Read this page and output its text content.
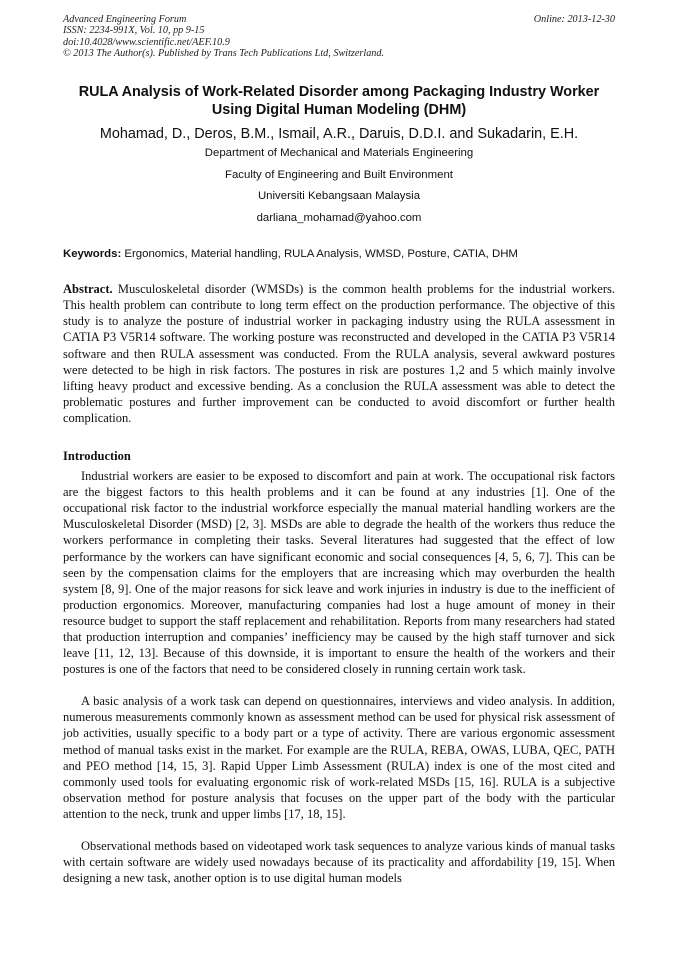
Advanced Engineering Forum
ISSN: 2234-991X, Vol. 10, pp 9-15
doi:10.4028/www.scientific.net/AEF.10.9
© 2013 The Author(s). Published by Trans Tech Publications Ltd, Switzerland.
Online: 2013-12-30
RULA Analysis of Work-Related Disorder among Packaging Industry Worker Using Digital Human Modeling (DHM)
Mohamad, D., Deros, B.M., Ismail, A.R., Daruis, D.D.I. and Sukadarin, E.H.
Department of Mechanical and Materials Engineering
Faculty of Engineering and Built Environment
Universiti Kebangsaan Malaysia
darliana_mohamad@yahoo.com
Keywords: Ergonomics, Material handling, RULA Analysis, WMSD, Posture, CATIA, DHM
Abstract. Musculoskeletal disorder (WMSDs) is the common health problems for the industrial workers. This health problem can contribute to long term effect on the production performance. The objective of this study is to analyze the posture of industrial worker in packaging industry using the RULA assessment in CATIA P3 V5R14 software. The working posture was reconstructed and developed in the CATIA P3 V5R14 software and then RULA assessment was conducted. From the RULA analysis, several awkward postures were detected to be high in risk factors. The postures in risk are postures 1,2 and 5 which mainly involve lifting heavy product and excessive bending. As a conclusion the RULA assessment was able to detect the problematic postures and further improvement can be conducted to avoid discomfort or further health complication.
Introduction
Industrial workers are easier to be exposed to discomfort and pain at work. The occupational risk factors are the biggest factors to this health problems and it can be found at any industries [1]. One of the occupational risk factor to the industrial workforce especially the manual material handling workers are the Musculoskeletal Disorder (MSD) [2, 3]. MSDs are able to degrade the health of the workers thus reduce the workers performance in completing their tasks. Several literatures had suggested that the effect of low performance by the workers can have significant economic and social consequences [4, 5, 6, 7]. This can be seen by the compensation claims for the employers that are increasing which may overburden the health system [8, 9]. One of the major reasons for sick leave and work injuries in industry is due to the inefficient of production ergonomics. Moreover, manufacturing companies had lost a huge amount of money in their resource budget to support the staff replacement and rehabilitation. Reports from many researchers had stated that production interruption and companies’ inefficiency may be caused by the high staff turnover and sick leave [11, 12, 13]. Because of this downside, it is important to ensure the health of the workers and their postures is one of the factors that need to be considered closely in running certain work task.
A basic analysis of a work task can depend on questionnaires, interviews and video analysis. In addition, numerous measurements commonly known as assessment method can be used for physical risk assessment of job activities, usually specific to a body part or a type of activity. There are various ergonomic assessment method of manual tasks exist in the market. For example are the RULA, REBA, OWAS, LUBA, QEC, PATH and PEO method [14, 15, 3]. Rapid Upper Limb Assessment (RULA) index is one of the most cited and commonly used tools for evaluating ergonomic risk of work-related MSDs [15, 16]. RULA is a subjective observation method for posture analysis that focuses on the upper part of the body with the particular attention to the neck, trunk and upper limbs [17, 18, 15].
Observational methods based on videotaped work task sequences to analyze various kinds of manual tasks with certain software are widely used nowadays because of its practicality and affordability [19, 15]. When designing a new task, another option is to use digital human models
